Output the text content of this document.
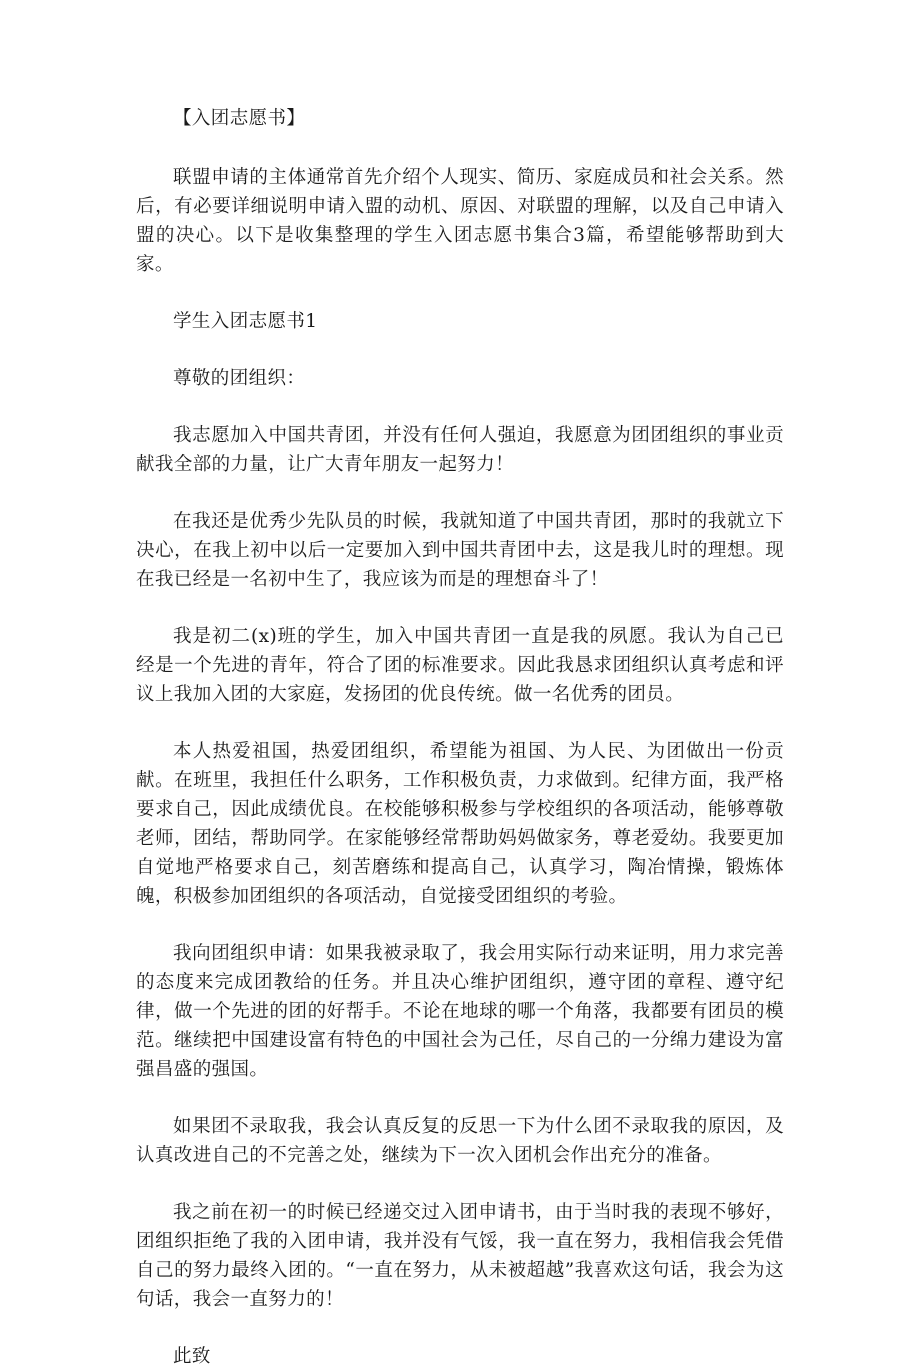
【入团志愿书】

联盟申请的主体通常首先介绍个人现实、简历、家庭成员和社会关系。然后，有必要详细说明申请入盟的动机、原因、对联盟的理解，以及自己申请入盟的决心。以下是收集整理的学生入团志愿书集合3篇，希望能够帮助到大家。

学生入团志愿书1

尊敬的团组织：

我志愿加入中国共青团，并没有任何人强迫，我愿意为团团组织的事业贡献我全部的力量，让广大青年朋友一起努力！

在我还是优秀少先队员的时候，我就知道了中国共青团，那时的我就立下决心，在我上初中以后一定要加入到中国共青团中去，这是我儿时的理想。现在我已经是一名初中生了，我应该为而是的理想奋斗了！

我是初二(x)班的学生，加入中国共青团一直是我的夙愿。我认为自己已经是一个先进的青年，符合了团的标准要求。因此我恳求团组织认真考虑和评议上我加入团的大家庭，发扬团的优良传统。做一名优秀的团员。

本人热爱祖国，热爱团组织，希望能为祖国、为人民、为团做出一份贡献。在班里，我担任什么职务，工作积极负责，力求做到。纪律方面，我严格要求自己，因此成绩优良。在校能够积极参与学校组织的各项活动，能够尊敬老师，团结，帮助同学。在家能够经常帮助妈妈做家务，尊老爱幼。我要更加自觉地严格要求自己，刻苦磨练和提高自己，认真学习，陶冶情操，锻炼体魄，积极参加团组织的各项活动，自觉接受团组织的考验。

我向团组织申请：如果我被录取了，我会用实际行动来证明，用力求完善的态度来完成团教给的任务。并且决心维护团组织，遵守团的章程、遵守纪律，做一个先进的团的好帮手。不论在地球的哪一个角落，我都要有团员的模范。继续把中国建设富有特色的中国社会为己任，尽自己的一分绵力建设为富强昌盛的强国。

如果团不录取我，我会认真反复的反思一下为什么团不录取我的原因，及认真改进自己的不完善之处，继续为下一次入团机会作出充分的准备。

我之前在初一的时候已经递交过入团申请书，由于当时我的表现不够好，团组织拒绝了我的入团申请，我并没有气馁，我一直在努力，我相信我会凭借自己的努力最终入团的。“一直在努力，从未被超越”我喜欢这句话，我会为这句话，我会一直努力的！

此致
